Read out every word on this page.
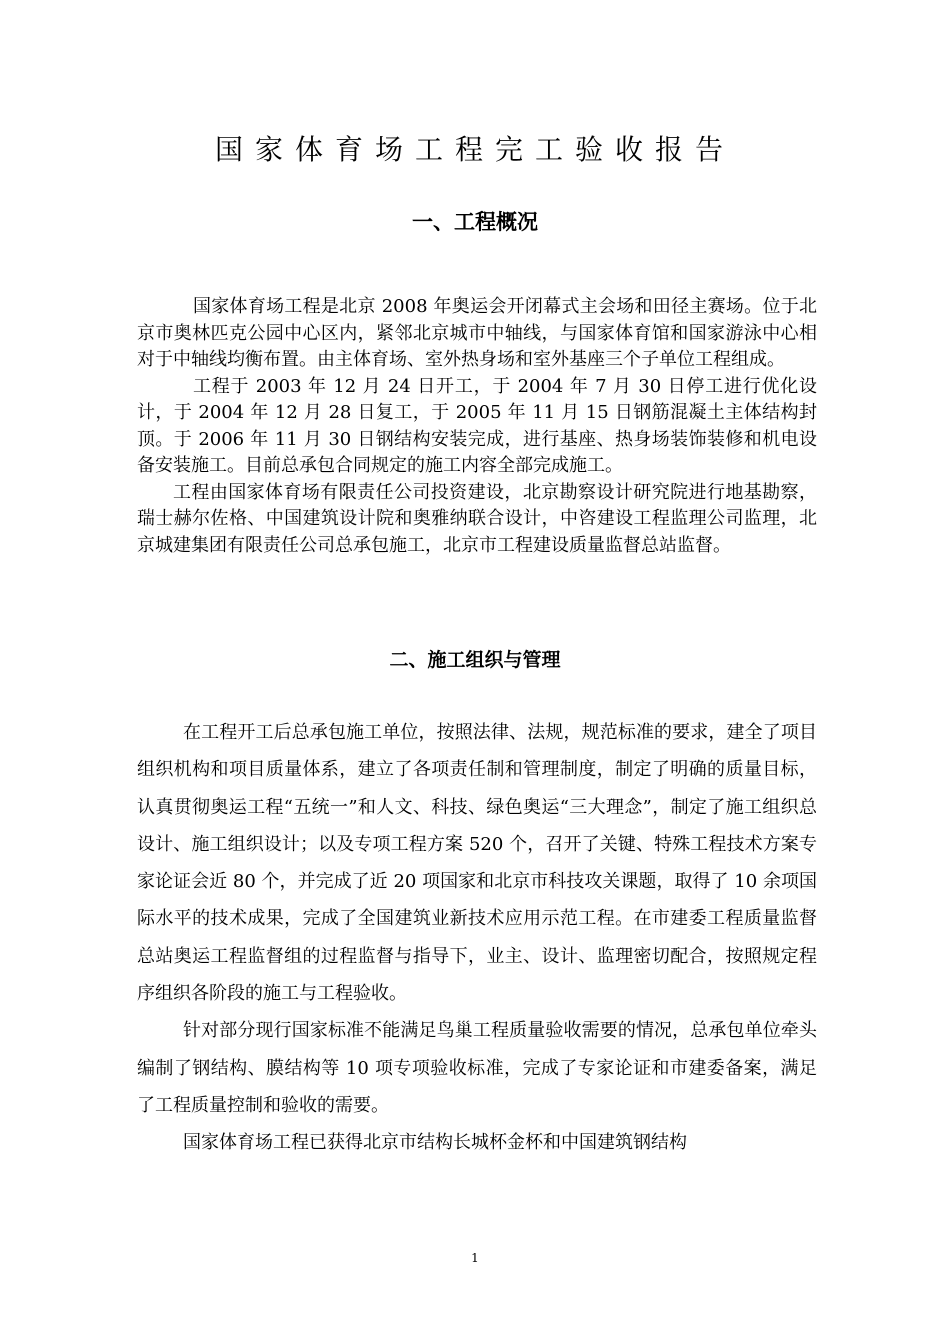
国家体育场工程完工验收报告
一、工程概况

国家体育场工程是北京 2008 年奥运会开闭幕式主会场和田径主赛场。位于北京市奥林匹克公园中心区内，紧邻北京城市中轴线，与国家体育馆和国家游泳中心相对于中轴线均衡布置。由主体育场、室外热身场和室外基座三个子单位工程组成。

工程于 2003 年 12 月 24 日开工，于 2004 年 7 月 30 日停工进行优化设计，于 2004 年 12 月 28 日复工，于 2005 年 11 月 15 日钢筋混凝土主体结构封顶。于 2006 年 11 月 30 日钢结构安装完成，进行基座、热身场装饰装修和机电设备安装施工。目前总承包合同规定的施工内容全部完成施工。

工程由国家体育场有限责任公司投资建设，北京勘察设计研究院进行地基勘察，瑞士赫尔佐格、中国建筑设计院和奥雅纳联合设计，中咨建设工程监理公司监理，北京城建集团有限责任公司总承包施工，北京市工程建设质量监督总站监督。

二、施工组织与管理

在工程开工后总承包施工单位，按照法律、法规，规范标准的要求，建全了项目组织机构和项目质量体系，建立了各项责任制和管理制度，制定了明确的质量目标，认真贯彻奥运工程“五统一”和人文、科技、绿色奥运“三大理念”，制定了施工组织总设计、施工组织设计；以及专项工程方案 520 个，召开了关键、特殊工程技术方案专家论证会近 80 个，并完成了近 20 项国家和北京市科技攻关课题，取得了 10 余项国际水平的技术成果，完成了全国建筑业新技术应用示范工程。在市建委工程质量监督总站奥运工程监督组的过程监督与指导下，业主、设计、监理密切配合，按照规定程序组织各阶段的施工与工程验收。

针对部分现行国家标准不能满足鸟巢工程质量验收需要的情况，总承包单位牵头编制了钢结构、膜结构等 10 项专项验收标准，完成了专家论证和市建委备案，满足了工程质量控制和验收的需要。

国家体育场工程已获得北京市结构长城杯金杯和中国建筑钢结构

1
